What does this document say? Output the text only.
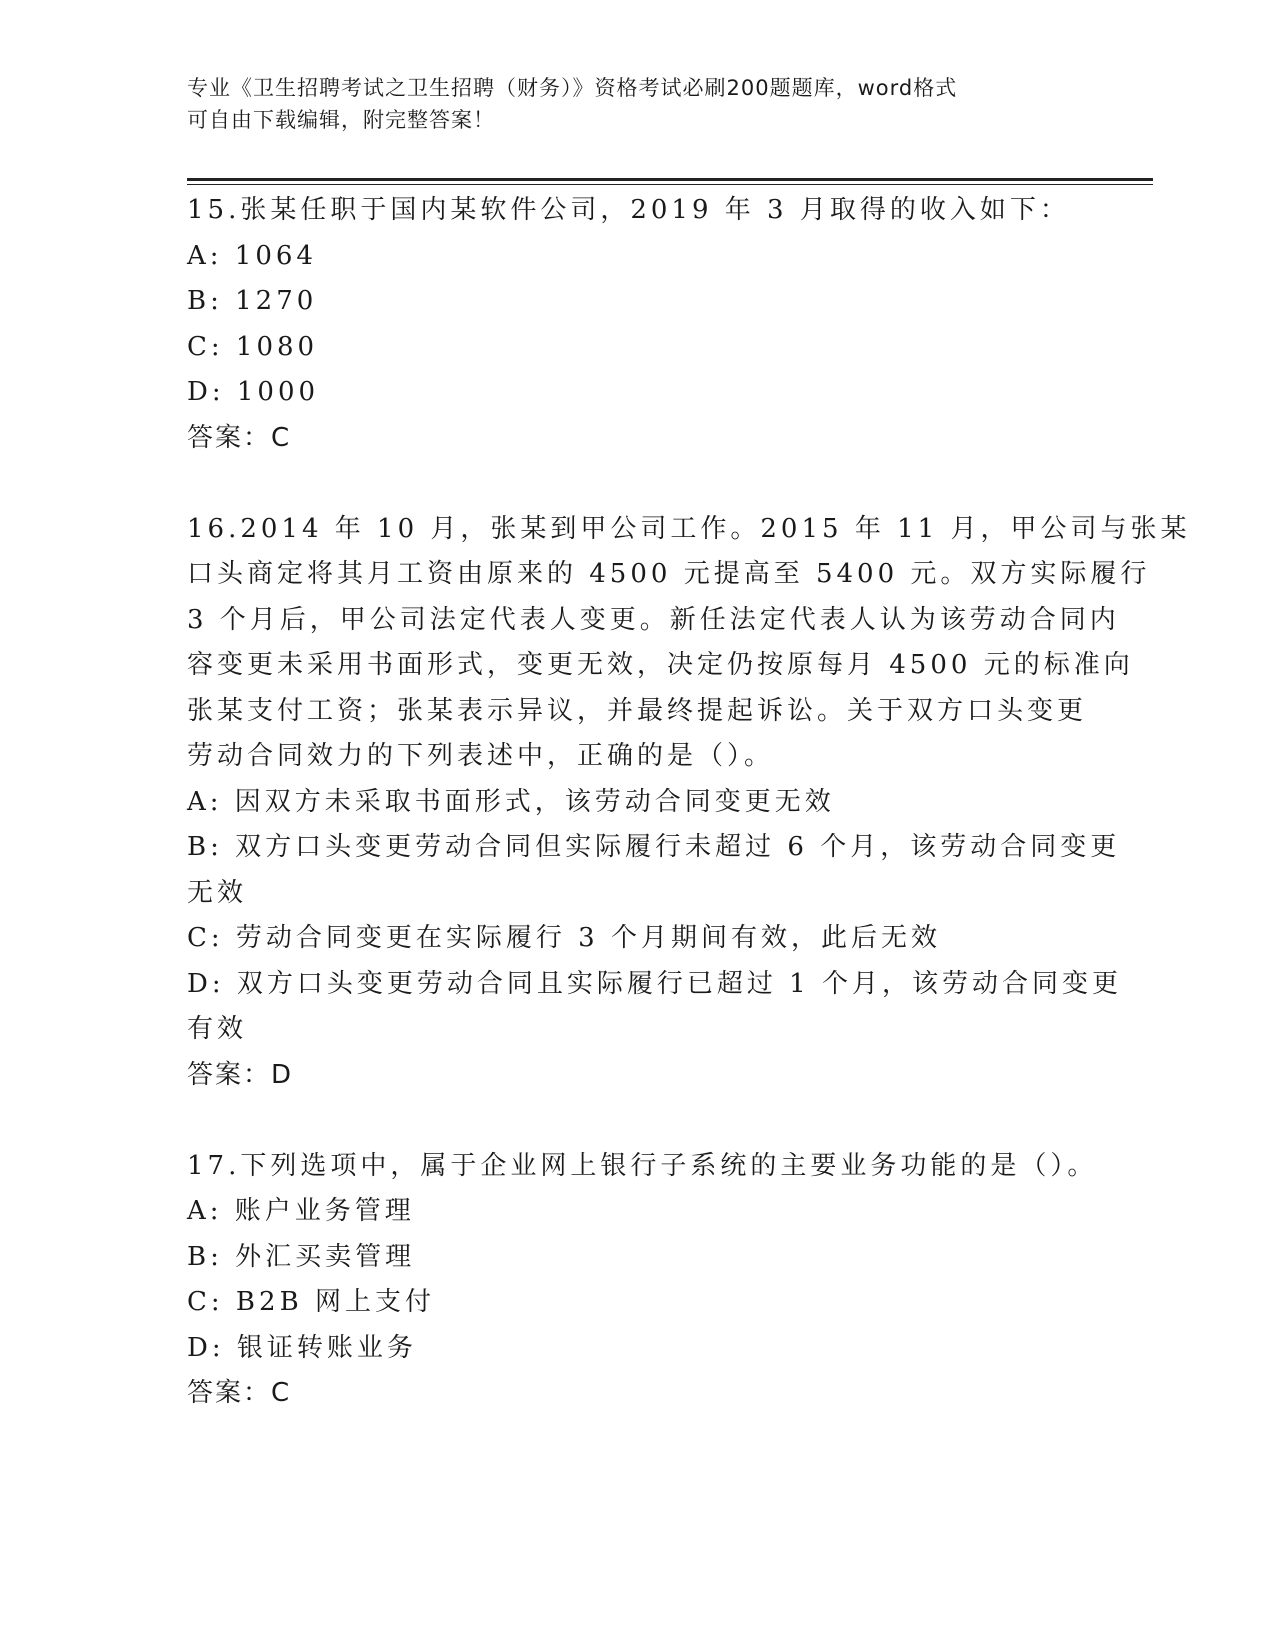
专业《卫生招聘考试之卫生招聘（财务）》资格考试必刷200题题库，word格式
可自由下载编辑，附完整答案！
15.张某任职于国内某软件公司，2019 年 3 月取得的收入如下：
A: 1064
B: 1270
C: 1080
D: 1000
答案：C
16.2014 年 10 月，张某到甲公司工作。2015 年 11 月，甲公司与张某
口头商定将其月工资由原来的 4500 元提高至 5400 元。双方实际履行
3 个月后，甲公司法定代表人变更。新任法定代表人认为该劳动合同内
容变更未采用书面形式，变更无效，决定仍按原每月 4500 元的标准向
张某支付工资；张某表示异议，并最终提起诉讼。关于双方口头变更
劳动合同效力的下列表述中，正确的是（）。
A: 因双方未采取书面形式，该劳动合同变更无效
B: 双方口头变更劳动合同但实际履行未超过 6 个月，该劳动合同变更
无效
C: 劳动合同变更在实际履行 3 个月期间有效，此后无效
D: 双方口头变更劳动合同且实际履行已超过 1 个月，该劳动合同变更
有效
答案：D
17.下列选项中，属于企业网上银行子系统的主要业务功能的是（）。
A: 账户业务管理
B: 外汇买卖管理
C: B2B 网上支付
D: 银证转账业务
答案：C
